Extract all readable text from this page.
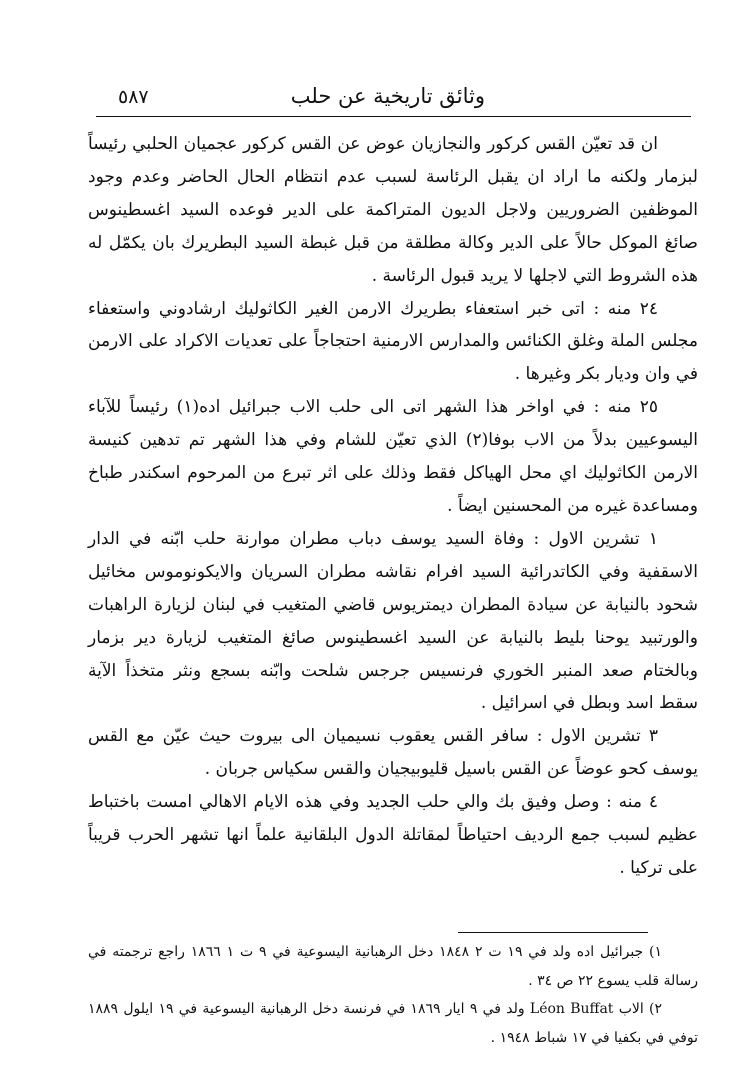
٥٨٧	وثائق تاريخية عن حلب

ان قد تعيّن القس كركور والنجازيان عوض عن القس كركور عجميان الحلبي رئيساً لبزمار ولكنه ما اراد ان يقبل الرئاسة لسبب عدم انتظام الحال الحاضر وعدم وجود الموظفين الضروريين ولاجل الديون المتراكمة على الدير فوعده السيد اغسطينوس صائغ الموكل حالاً على الدير وكالة مطلقة من قبل غبطة السيد البطريرك بان يكمّل له هذه الشروط التي لاجلها لا يريد قبول الرئاسة .

٢٤ منه : اتى خبر استعفاء بطريرك الارمن الغير الكاثوليك ارشادوني واستعفاء مجلس الملة وغلق الكنائس والمدارس الارمنية احتجاجاً على تعديات الاكراد على الارمن في وان وديار بكر وغيرها .

٢٥ منه : في اواخر هذا الشهر اتى الى حلب الاب جبرائيل اده(١) رئيساً للآباء اليسوعيين بدلاً من الاب بوفا(٢) الذي تعيّن للشام وفي هذا الشهر تم تدهين كنيسة الارمن الكاثوليك اي محل الهياكل فقط وذلك على اثر تبرع من المرحوم اسكندر طباخ ومساعدة غيره من المحسنين ايضاً .

١ تشرين الاول : وفاة السيد يوسف دباب مطران موارنة حلب ابّنه في الدار الاسقفية وفي الكاتدرائية السيد افرام نقاشه مطران السريان والايكونوموس مخائيل شحود بالنيابة عن سيادة المطران ديمتريوس قاضي المتغيب في لبنان لزيارة الراهبات والورتبيد يوحنا بليط بالنيابة عن السيد اغسطينوس صائغ المتغيب لزيارة دير بزمار وبالختام صعد المنبر الخوري فرنسيس جرجس شلحت وابّنه بسجع ونثر متخذاً الآية سقط اسد وبطل في اسرائيل .

٣ تشرين الاول : سافر القس يعقوب نسيميان الى بيروت حيث عيّن مع القس يوسف كحو عوضاً عن القس باسيل قليوبيجيان والقس سكياس جربان .

٤ منه : وصل وفيق بك والي حلب الجديد وفي هذه الايام الاهالي امست باختباط عظيم لسبب جمع الرديف احتياطاً لمقاتلة الدول البلقانية علماً انها تشهر الحرب قريباً على تركيا .

١) جبرائيل اده ولد في ١٩ ت ٢ ١٨٤٨ دخل الرهبانية اليسوعية في ٩ ت ١ ١٨٦٦ راجع ترجمته في رسالة قلب يسوع ٢٢ ص ٣٤ .

٢) الاب Léon Buffat ولد في ٩ ايار ١٨٦٩ في فرنسة دخل الرهبانية اليسوعية في ١٩ ايلول ١٨٨٩ توفي في بكفيا في ١٧ شباط ١٩٤٨ .
